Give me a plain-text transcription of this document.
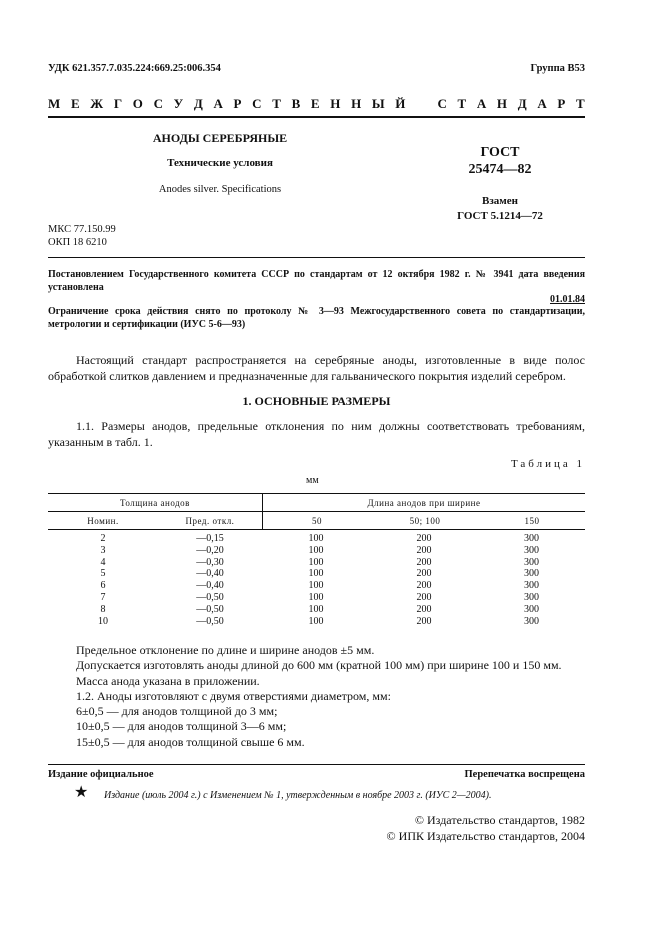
УДК 621.357.7.035.224:669.25:006.354	Группа В53
М Е Ж Г О С У Д А Р С Т В Е Н Н Ы Й С Т А Н Д А Р Т
АНОДЫ СЕРЕБРЯНЫЕ
Технические условия
Anodes silver. Specifications
ГОСТ
25474—82
Взамен
ГОСТ 5.1214—72
МКС 77.150.99
ОКП 18 6210
Постановлением Государственного комитета СССР по стандартам от 12 октября 1982 г. № 3941 дата введения установлена
01.01.84
Ограничение срока действия снято по протоколу № 3—93 Межгосударственного совета по стандартизации, метрологии и сертификации (ИУС 5-6—93)

Настоящий стандарт распространяется на серебряные аноды, изготовленные в виде полос обработкой слитков давлением и предназначенные для гальванического покрытия изделий серебром.

1. ОСНОВНЫЕ РАЗМЕРЫ

1.1. Размеры анодов, предельные отклонения по ним должны соответствовать требованиям, указанным в табл. 1.

Таблица 1
мм
Толщина анодов	Длина анодов при ширине
Номин.	Пред. откл.	50	50; 100	150
2	—0,15	100	200	300
3	—0,20	100	200	300
4	—0,30	100	200	300
5	—0,40	100	200	300
6	—0,40	100	200	300
7	—0,50	100	200	300
8	—0,50	100	200	300
10	—0,50	100	200	300
Предельное отклонение по длине и ширине анодов ±5 мм.
Допускается изготовлять аноды длиной до 600 мм (кратной 100 мм) при ширине 100 и 150 мм.
Масса анода указана в приложении.
1.2. Аноды изготовляют с двумя отверстиями диаметром, мм:
6±0,5 — для анодов толщиной до 3 мм;
10±0,5 — для анодов толщиной 3—6 мм;
15±0,5 — для анодов толщиной свыше 6 мм.
Издание официальное	Перепечатка воспрещена
★ Издание (июль 2004 г.) с Изменением № 1, утвержденным в ноябре 2003 г. (ИУС 2—2004).
© Издательство стандартов, 1982
© ИПК Издательство стандартов, 2004
